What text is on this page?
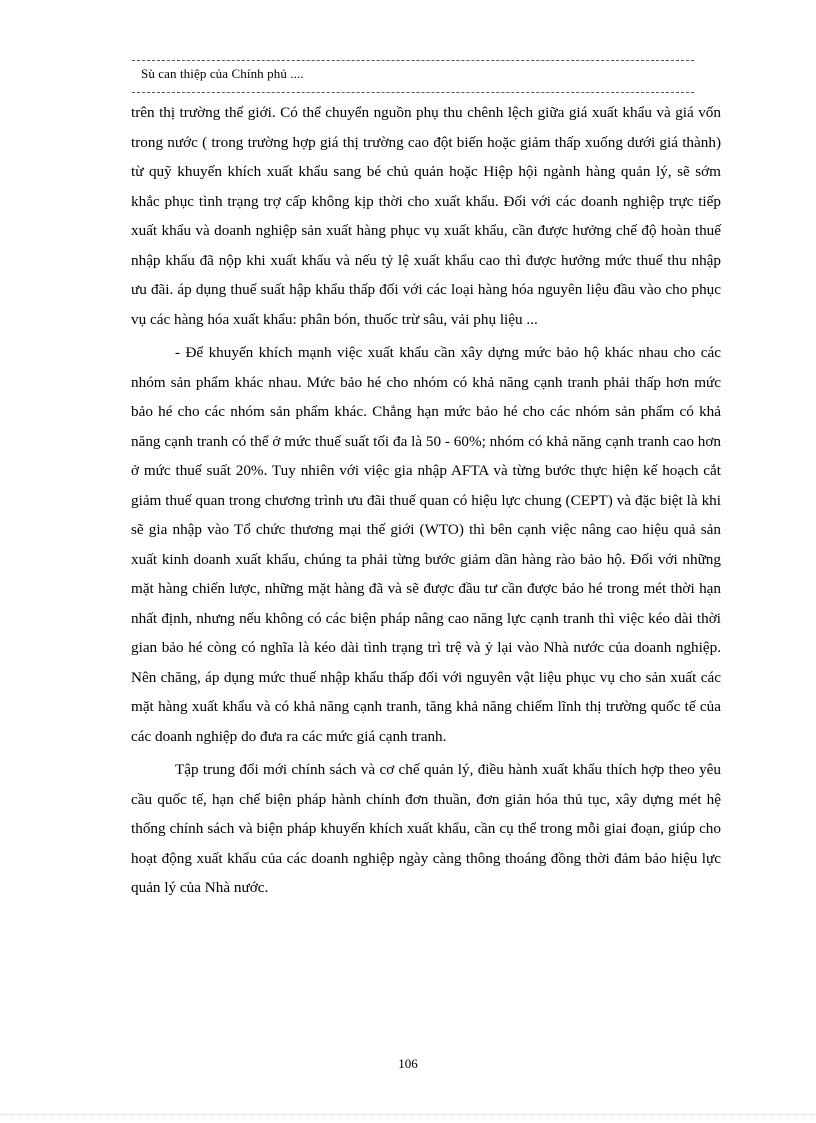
Sù can thiệp của Chính phủ ....

trên thị trường thế giới. Có thể chuyển nguồn phụ thu chênh lệch giữa giá xuất khẩu và giá vốn trong nước ( trong trường hợp giá thị trường cao đột biến hoặc giảm thấp xuống dưới giá thành) từ quỹ khuyến khích xuất khẩu sang bé chủ quản hoặc Hiệp hội ngành hàng quản lý, sẽ sớm khắc phục tình trạng trợ cấp không kịp thời cho xuất khẩu. Đối với các doanh nghiệp trực tiếp xuất khẩu và doanh nghiệp sản xuất hàng phục vụ xuất khẩu, cần được hưởng chế độ hoàn thuế nhập khẩu đã nộp khi xuất khẩu và nếu tỷ lệ xuất khẩu cao thì được hưởng mức thuế thu nhập ưu đãi. áp dụng thuế suất hập khẩu thấp đối với các loại hàng hóa nguyên liệu đầu vào cho phục vụ các hàng hóa xuất khẩu: phân bón, thuốc trừ sâu, vải phụ liệu ...

- Để khuyến khích mạnh việc xuất khẩu cần xây dựng mức bảo hộ khác nhau cho các nhóm sản phẩm khác nhau. Mức bảo hé cho nhóm có khả năng cạnh tranh phải thấp hơn mức bảo hé cho các nhóm sản phẩm khác. Chẳng hạn mức bảo hé cho các nhóm sản phẩm có khả năng cạnh tranh có thể ở mức thuế suất tối đa là 50 - 60%; nhóm có khả năng cạnh tranh cao hơn ở mức thuế suất 20%. Tuy nhiên với việc gia nhập AFTA và từng bước thực hiện kế hoạch cắt giảm thuế quan trong chương trình ưu đãi thuế quan có hiệu lực chung (CEPT) và đặc biệt là khi sẽ gia nhập vào Tổ chức thương mại thế giới (WTO) thì bên cạnh việc nâng cao hiệu quả sản xuất kinh doanh xuất khẩu, chúng ta phải từng bước giảm dần hàng rào bảo hộ. Đối với những mặt hàng chiến lược, những mặt hàng đã và sẽ được đầu tư cần được bảo hé trong mét thời hạn nhất định, nhưng nếu không có các biện pháp nâng cao năng lực cạnh tranh thì việc kéo dài thời gian bảo hé còng có nghĩa là kéo dài tình trạng trì trệ và ỷ lại vào Nhà nước của doanh nghiệp. Nên chăng, áp dụng mức thuế nhập khẩu thấp đối với nguyên vật liệu phục vụ cho sản xuất các mặt hàng xuất khẩu và có khả năng cạnh tranh, tăng khả năng chiếm lĩnh thị trường quốc tế của các doanh nghiệp do đưa ra các mức giá cạnh tranh.

Tập trung đổi mới chính sách và cơ chế quản lý, điều hành xuất khẩu thích hợp theo yêu cầu quốc tế, hạn chế biện pháp hành chính đơn thuần, đơn giản hóa thủ tục, xây dựng mét hệ thống chính sách và biện pháp khuyến khích xuất khẩu, cần cụ thể trong mỗi giai đoạn, giúp cho hoạt động xuất khẩu của các doanh nghiệp ngày càng thông thoáng đồng thời đảm bảo hiệu lực quản lý của Nhà nước.

106
